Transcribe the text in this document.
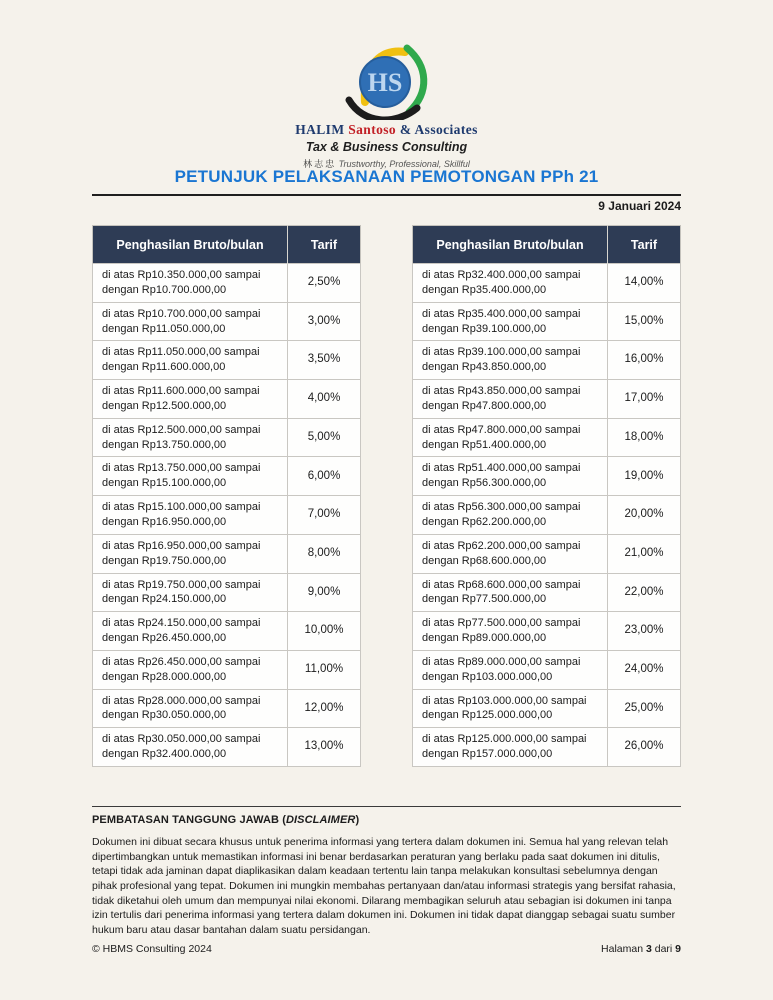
HS
HALIM Santoso & Associates
Tax & Business Consulting
林志忠 Trustworthy, Professional, Skillful
PETUNJUK PELAKSANAAN PEMOTONGAN PPh 21
9 Januari 2024
Penghasilan Bruto/bulan	Tarif
di atas Rp10.350.000,00 sampai dengan Rp10.700.000,00	2,50%
di atas Rp10.700.000,00 sampai dengan Rp11.050.000,00	3,00%
di atas Rp11.050.000,00 sampai dengan Rp11.600.000,00	3,50%
di atas Rp11.600.000,00 sampai dengan Rp12.500.000,00	4,00%
di atas Rp12.500.000,00 sampai dengan Rp13.750.000,00	5,00%
di atas Rp13.750.000,00 sampai dengan Rp15.100.000,00	6,00%
di atas Rp15.100.000,00 sampai dengan Rp16.950.000,00	7,00%
di atas Rp16.950.000,00 sampai dengan Rp19.750.000,00	8,00%
di atas Rp19.750.000,00 sampai dengan Rp24.150.000,00	9,00%
di atas Rp24.150.000,00 sampai dengan Rp26.450.000,00	10,00%
di atas Rp26.450.000,00 sampai dengan Rp28.000.000,00	11,00%
di atas Rp28.000.000,00 sampai dengan Rp30.050.000,00	12,00%
di atas Rp30.050.000,00 sampai dengan Rp32.400.000,00	13,00%
Penghasilan Bruto/bulan	Tarif
di atas Rp32.400.000,00 sampai dengan Rp35.400.000,00	14,00%
di atas Rp35.400.000,00 sampai dengan Rp39.100.000,00	15,00%
di atas Rp39.100.000,00 sampai dengan Rp43.850.000,00	16,00%
di atas Rp43.850.000,00 sampai dengan Rp47.800.000,00	17,00%
di atas Rp47.800.000,00 sampai dengan Rp51.400.000,00	18,00%
di atas Rp51.400.000,00 sampai dengan Rp56.300.000,00	19,00%
di atas Rp56.300.000,00 sampai dengan Rp62.200.000,00	20,00%
di atas Rp62.200.000,00 sampai dengan Rp68.600.000,00	21,00%
di atas Rp68.600.000,00 sampai dengan Rp77.500.000,00	22,00%
di atas Rp77.500.000,00 sampai dengan Rp89.000.000,00	23,00%
di atas Rp89.000.000,00 sampai dengan Rp103.000.000,00	24,00%
di atas Rp103.000.000,00 sampai dengan Rp125.000.000,00	25,00%
di atas Rp125.000.000,00 sampai dengan Rp157.000.000,00	26,00%
PEMBATASAN TANGGUNG JAWAB (DISCLAIMER)

Dokumen ini dibuat secara khusus untuk penerima informasi yang tertera dalam dokumen ini. Semua hal yang relevan telah dipertimbangkan untuk memastikan informasi ini benar berdasarkan peraturan yang berlaku pada saat dokumen ini ditulis, tetapi tidak ada jaminan dapat diaplikasikan dalam keadaan tertentu lain tanpa melakukan konsultasi sebelumnya dengan pihak profesional yang tepat. Dokumen ini mungkin membahas pertanyaan dan/atau informasi strategis yang bersifat rahasia, tidak diketahui oleh umum dan mempunyai nilai ekonomi. Dilarang membagikan seluruh atau sebagian isi dokumen ini tanpa izin tertulis dari penerima informasi yang tertera dalam dokumen ini. Dokumen ini tidak dapat dianggap sebagai suatu sumber hukum baru atau dasar bantahan dalam suatu persidangan.

© HBMS Consulting 2024	Halaman 3 dari 9
